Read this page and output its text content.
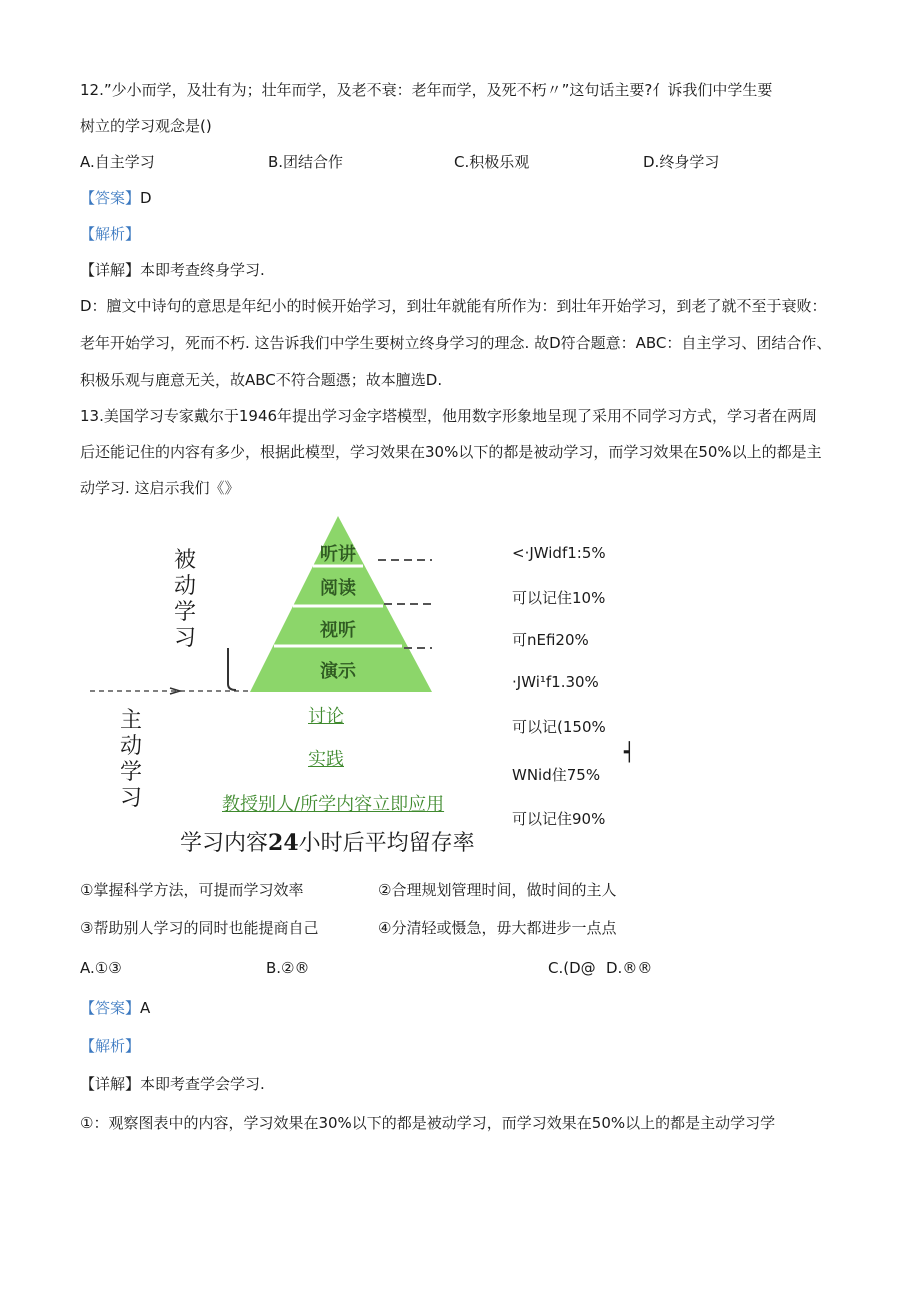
12.”少小而学，及壮有为；壮年而学，及老不衰：老年而学，及死不朽〃”这句话主要?亻诉我们中学生要
树立的学习观念是()
A.自主学习	B.团结合作	C.积极乐观	D.终身学习
【答案】D
【解析】
【详解】本即考查终身学习.
D：膻文中诗句的意思是年纪小的时候开始学习，到壮年就能有所作为：到壮年开始学习，到老了就不至于衰败：
老年开始学习，死而不朽. 这告诉我们中学生要树立终身学习的理念. 故D符合题意：ABC：自主学习、团结合作、
积极乐观与鹿意无关，故ABC不符合题憑；故本膻选D.
13.美国学习专家戴尔于1946年提出学习金字塔模型，他用数字形象地呈现了采用不同学习方式，学习者在两周
后还能记住的内容有多少，根据此模型，学习效果在30%以下的都是被动学习，而学习效果在50%以上的都是主
动学习. 这启示我们《》
被动学习
主动学习
听讲
阅读
视听
演示
讨论
实践
教授别人/所学内容立即应用
学习内容24小时后平均留存率
<·JWidf1:5%
可以记住10%
可nEfi20%
·JWi¹f1.30%
可以记(150%
WNid住75%
可以记住90%
┥
①掌握科学方法，可提而学习效率	②合理规划管理时间，做时间的主人
③帮助别人学习的同时也能提商自己	④分清轻或慑急，毋大都进步一点点
A.①③	B.②®	C.(D@ D.®®
【答案】A
【解析】
【详解】本即考查学会学习.
①：观察图表中的内容，学习效果在30%以下的都是被动学习，而学习效果在50%以上的都是主动学习学
